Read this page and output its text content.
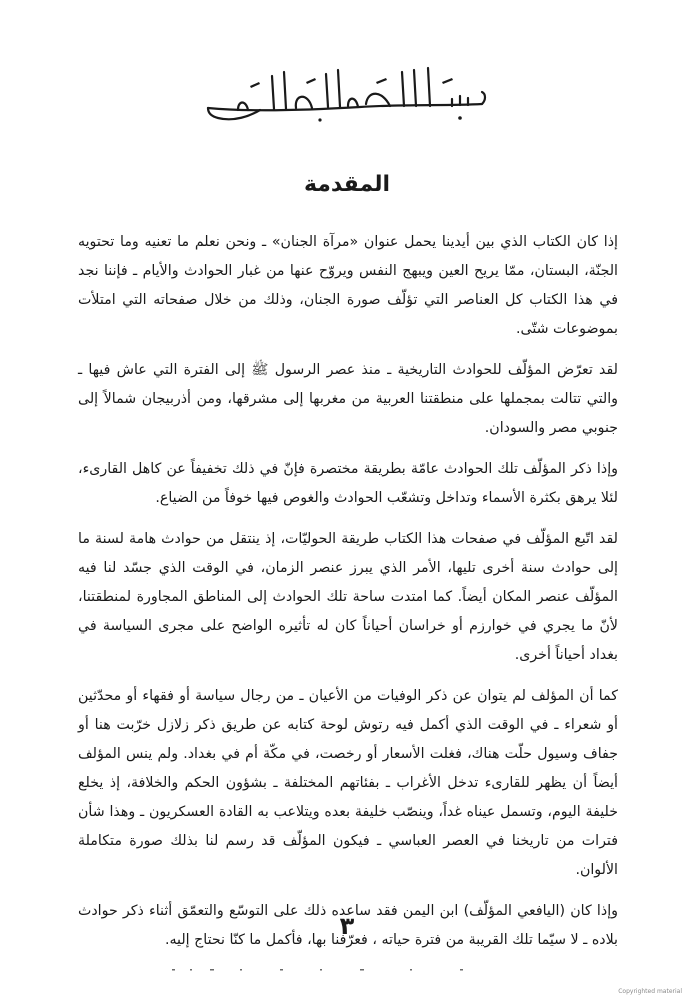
المقدمة

إذا كان الكتاب الذي بين أيدينا يحمل عنوان «مرآة الجنان» ـ ونحن نعلم ما تعنيه وما تحتويه الجنّة، البستان، ممّا يريح العين ويبهج النفس ويروّح عنها من غبار الحوادث والأيام ـ فإننا نجد في هذا الكتاب كل العناصر التي تؤلّف صورة الجنان، وذلك من خلال صفحاته التي امتلأت بموضوعات شتّى.

لقد تعرّض المؤلّف للحوادث التاريخية ـ منذ عصر الرسول ﷺ إلى الفترة التي عاش فيها ـ والتي تتالت بمجملها على منطقتنا العربية من مغربها إلى مشرقها، ومن أذربيجان شمالاً إلى جنوبي مصر والسودان.

وإذا ذكر المؤلّف تلك الحوادث عامّة بطريقة مختصرة فإنّ في ذلك تخفيفاً عن كاهل القارىء، لئلا يرهق بكثرة الأسماء وتداخل وتشعّب الحوادث والغوص فيها خوفاً من الضياع.

لقد اتّبع المؤلّف في صفحات هذا الكتاب طريقة الحوليّات، إذ ينتقل من حوادث هامة لسنة ما إلى حوادث سنة أخرى تليها، الأمر الذي يبرز عنصر الزمان، في الوقت الذي جسّد لنا فيه المؤلّف عنصر المكان أيضاً. كما امتدت ساحة تلك الحوادث إلى المناطق المجاورة لمنطقتنا، لأنّ ما يجري في خوارزم أو خراسان أحياناً كان له تأثيره الواضح على مجرى السياسة في بغداد أحياناً أخرى.

كما أن المؤلف لم يتوان عن ذكر الوفيات من الأعيان ـ من رجال سياسة أو فقهاء أو محدّثين أو شعراء ـ في الوقت الذي أكمل فيه رتوش لوحة كتابه عن طريق ذكر زلازل خرّبت هنا أو جفاف وسيول حلّت هناك، فغلت الأسعار أو رخصت، في مكّة أم في بغداد. ولم ينس المؤلف أيضاً أن يظهر للقارىء تدخل الأغراب ـ بفئاتهم المختلفة ـ بشؤون الحكم والخلافة، إذ يخلع خليفة اليوم، وتسمل عيناه غداً، وينصّب خليفة بعده ويتلاعب به القادة العسكريون ـ وهذا شأن فترات من تاريخنا في العصر العباسي ـ فيكون المؤلّف قد رسم لنا بذلك صورة متكاملة الألوان.

وإذا كان (اليافعي المؤلّف) ابن اليمن فقد ساعده ذلك على التوسّع والتعمّق أثناء ذكر حوادث بلاده ـ لا سيّما تلك القريبة من فترة حياته ، فعرّفنا بها، فأكمل ما كنّا نحتاج إليه.

٣
Copyrighted material
